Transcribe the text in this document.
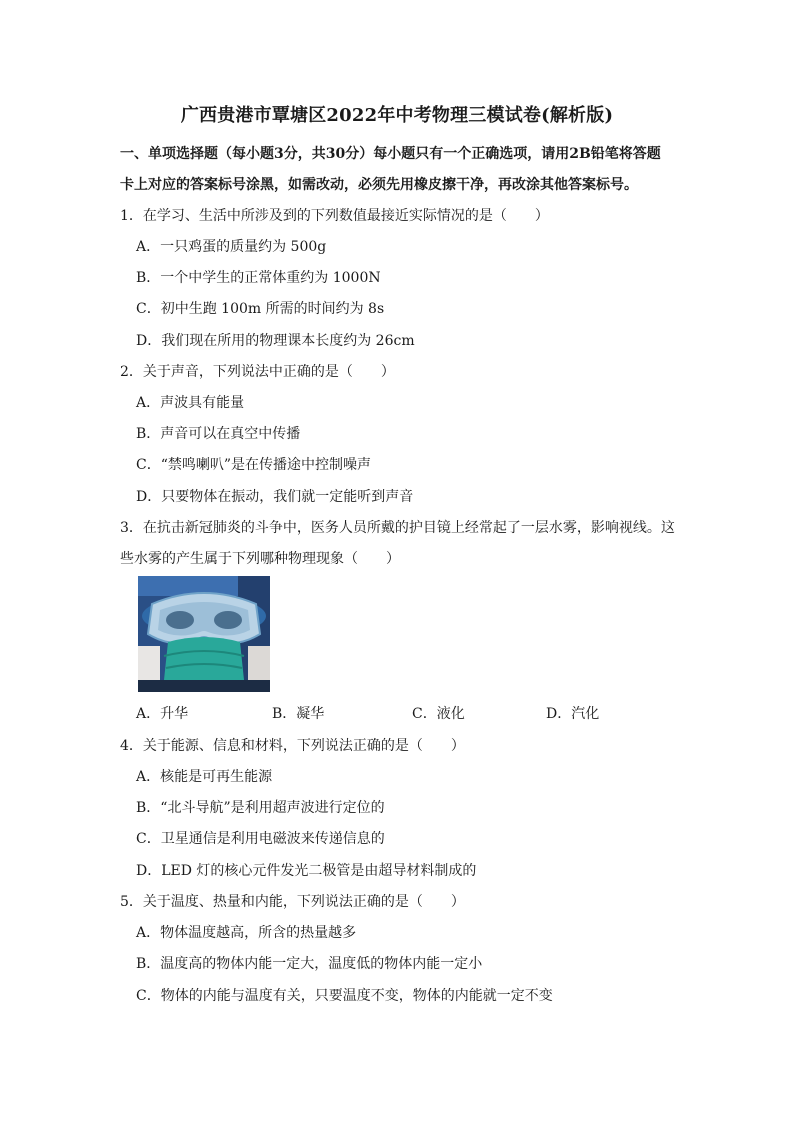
广西贵港市覃塘区2022年中考物理三模试卷(解析版)
一、单项选择题（每小题3分，共30分）每小题只有一个正确选项，请用2B铅笔将答题
卡上对应的答案标号涂黑，如需改动，必须先用橡皮擦干净，再改涂其他答案标号。
1．在学习、生活中所涉及到的下列数值最接近实际情况的是（　　）
A．一只鸡蛋的质量约为 500g
B．一个中学生的正常体重约为 1000N
C．初中生跑 100m 所需的时间约为 8s
D．我们现在所用的物理课本长度约为 26cm
2．关于声音，下列说法中正确的是（　　）
A．声波具有能量
B．声音可以在真空中传播
C．“禁鸣喇叭”是在传播途中控制噪声
D．只要物体在振动，我们就一定能听到声音
3．在抗击新冠肺炎的斗争中，医务人员所戴的护目镜上经常起了一层水雾，影响视线。这
些水雾的产生属于下列哪种物理现象（　　）
A．升华	B．凝华	C．液化	D．汽化
4．关于能源、信息和材料，下列说法正确的是（　　）
A．核能是可再生能源
B．“北斗导航”是利用超声波进行定位的
C．卫星通信是利用电磁波来传递信息的
D．LED 灯的核心元件发光二极管是由超导材料制成的
5．关于温度、热量和内能，下列说法正确的是（　　）
A．物体温度越高，所含的热量越多
B．温度高的物体内能一定大，温度低的物体内能一定小
C．物体的内能与温度有关，只要温度不变，物体的内能就一定不变
